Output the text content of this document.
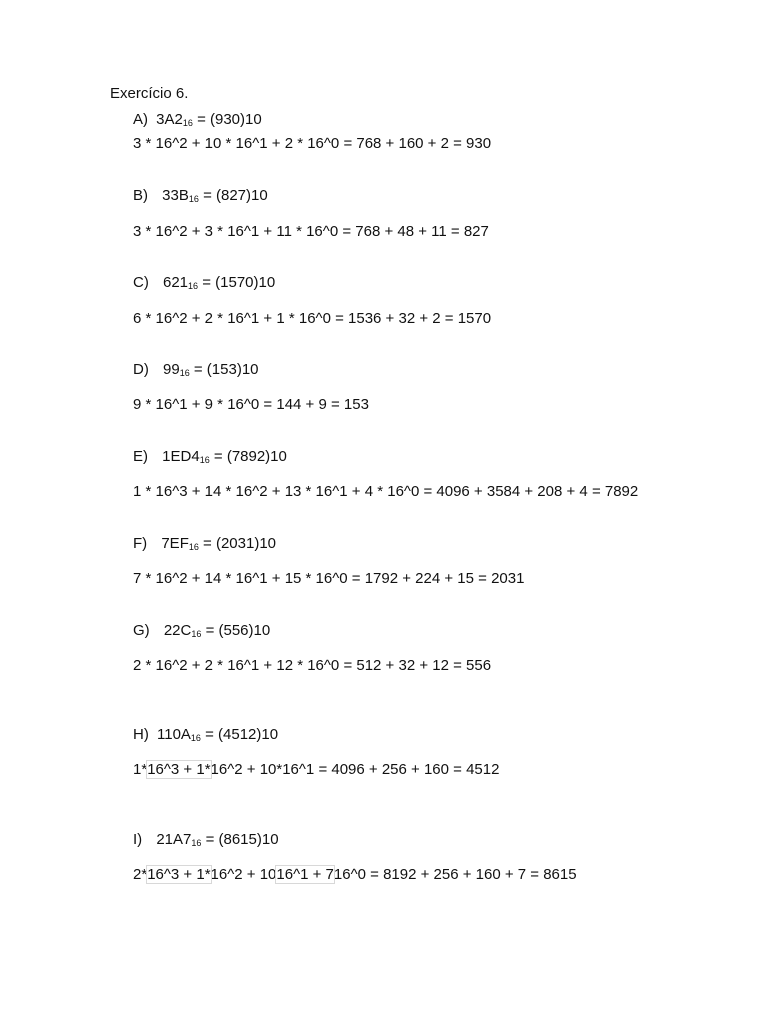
Exercício 6.
A) $3A2_{16} = (930)10$
3 * 16^2 + 10 * 16^1 + 2 * 16^0 = 768 + 160 + 2 = 930
B) $33B_{16} = (827)10$
3 * 16^2 + 3 * 16^1 + 11 * 16^0 = 768 + 48 + 11 = 827
C) $621_{16} = (1570)10$
6 * 16^2 + 2 * 16^1 + 1 * 16^0 = 1536 + 32 + 2 = 1570
D) $99_{16} = (153)10$
9 * 16^1 + 9 * 16^0 = 144 + 9 = 153
E) $1ED4_{16} = (7892)10$
1 * 16^3 + 14 * 16^2 + 13 * 16^1 + 4 * 16^0 = 4096 + 3584 + 208 + 4 = 7892
F) $7EF_{16} = (2031)10$
7 * 16^2 + 14 * 16^1 + 15 * 16^0 = 1792 + 224 + 15 = 2031
G) $22C_{16} = (556)10$
2 * 16^2 + 2 * 16^1 + 12 * 16^0 = 512 + 32 + 12 = 556
H) $110A_{16} = (4512)10$
1*16^3 + 1*16^2 + 10*16^1 = 4096 + 256 + 160 = 4512
I) $21A7_{16} = (8615)10$
2*16^3 + 1*16^2 + 1016^1 + 716^0 = 8192 + 256 + 160 + 7 = 8615
